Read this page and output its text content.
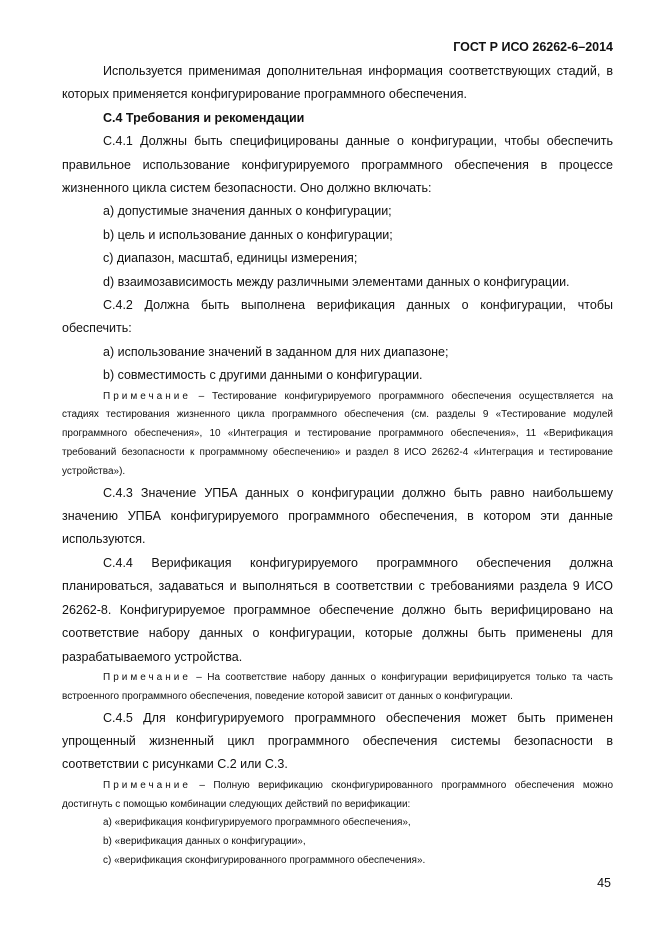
ГОСТ Р ИСО 26262-6–2014

Используется применимая дополнительная информация соответствующих стадий, в которых применяется конфигурирование программного обеспечения.

С.4 Требования и рекомендации

С.4.1 Должны быть специфицированы данные о конфигурации, чтобы обеспечить правильное использование конфигурируемого программного обеспечения в процессе жизненного цикла систем безопасности. Оно должно включать:

а) допустимые значения данных о конфигурации;

b) цель и использование данных о конфигурации;

с) диапазон, масштаб, единицы измерения;

d) взаимозависимость между различными элементами данных о конфигурации.

С.4.2 Должна быть выполнена верификация данных о конфигурации, чтобы обеспечить:

а) использование значений в заданном для них диапазоне;

b) совместимость с другими данными о конфигурации.

Примечание – Тестирование конфигурируемого программного обеспечения осуществляется на стадиях тестирования жизненного цикла программного обеспечения (см. разделы 9 «Тестирование модулей программного обеспечения», 10 «Интеграция и тестирование программного обеспечения», 11 «Верификация требований безопасности к программному обеспечению» и раздел 8 ИСО 26262-4 «Интеграция и тестирование устройства»).

С.4.3 Значение УПБА данных о конфигурации должно быть равно наибольшему значению УПБА конфигурируемого программного обеспечения, в котором эти данные используются.

С.4.4 Верификация конфигурируемого программного обеспечения должна планироваться, задаваться и выполняться в соответствии с требованиями раздела 9 ИСО 26262-8. Конфигурируемое программное обеспечение должно быть верифицировано на соответствие набору данных о конфигурации, которые должны быть применены для разрабатываемого устройства.

Примечание – На соответствие набору данных о конфигурации верифицируется только та часть встроенного программного обеспечения, поведение которой зависит от данных о конфигурации.

С.4.5 Для конфигурируемого программного обеспечения может быть применен упрощенный жизненный цикл программного обеспечения системы безопасности в соответствии с рисунками С.2 или С.3.

Примечание – Полную верификацию сконфигурированного программного обеспечения можно достигнуть с помощью комбинации следующих действий по верификации:

а) «верификация конфигурируемого программного обеспечения»,

b) «верификация данных о конфигурации»,

с) «верификация сконфигурированного программного обеспечения».

45
